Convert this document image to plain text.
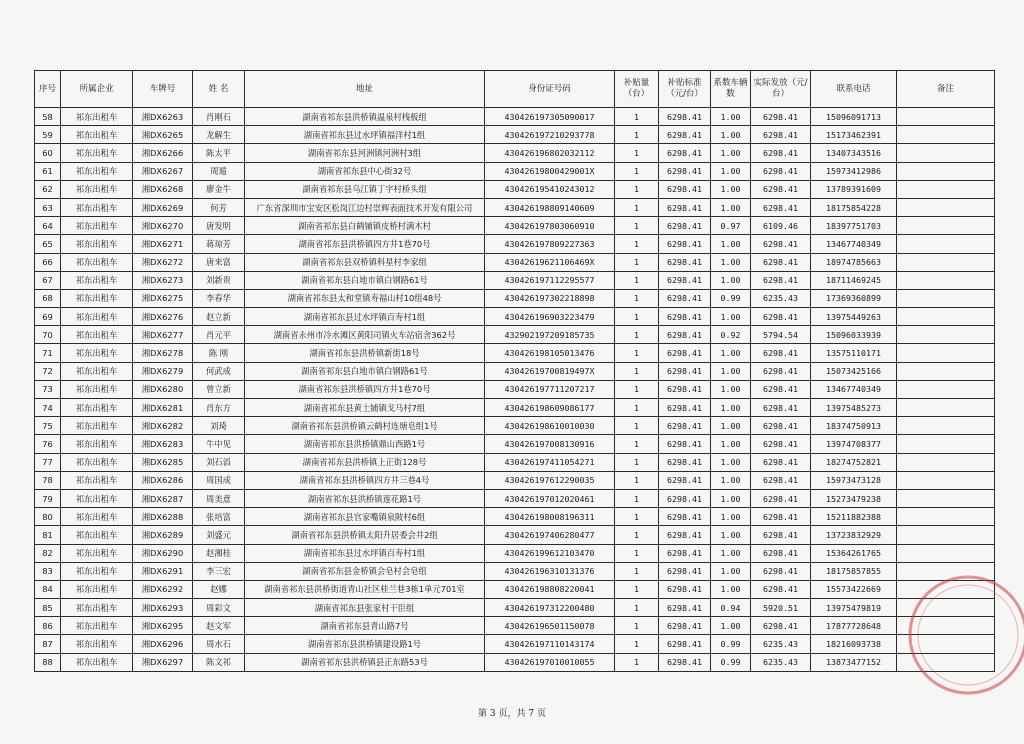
序号	所属企业	车牌号	姓 名	地址	身份证号码	补贴量（台）	补贴标准（元/台）	系数车辆数	实际发放（元/台）	联系电话	备注
58	祁东出租车	湘DX6263	肖刚石	湖南省祁东县洪桥镇温泉村栈板组	430426197305090017	1	6298.41	1.00	6298.41	15096091713	
59	祁东出租车	湘DX6265	龙解生	湖南省祁东县过水坪镇福洋村1组	430426197210293778	1	6298.41	1.00	6298.41	15173462391	
60	祁东出租车	湘DX6266	陈太平	湖南省祁东县河洲镇河洲村3组	430426196802032112	1	6298.41	1.00	6298.41	13407343516	
61	祁东出租车	湘DX6267	周遁	湖南省祁东县中心街32号	43042619800429001X	1	6298.41	1.00	6298.41	15973412986	
62	祁东出租车	湘DX6268	廖金牛	湖南省祁东县乌江镇丁字村桥头组	430426195410243012	1	6298.41	1.00	6298.41	13789391609	
63	祁东出租车	湘DX6269	何芳	广东省深圳市宝安区松岗江边村崇辉表面技术开发有限公司	430426198809140609	1	6298.41	1.00	6298.41	18175854228	
64	祁东出租车	湘DX6270	唐发明	湖南省祁东县白鹤铺镇皮桥村满木村	430426197803060910	1	6298.41	0.97	6109.46	18397751703	
65	祁东出租车	湘DX6271	蒋琼芳	湖南省祁东县洪桥镇四方井1巷70号	430426197809227363	1	6298.41	1.00	6298.41	13467740349	
66	祁东出租车	湘DX6272	唐来富	湖南省祁东县双桥镇科星村李家组	43042619621106469X	1	6298.41	1.00	6298.41	18974785663	
67	祁东出租车	湘DX6273	刘新贵	湖南省祁东县白地市镇白钢路61号	430426197112295577	1	6298.41	1.00	6298.41	18711469245	
68	祁东出租车	湘DX6275	李春华	湖南省祁东县太和堂镇寿福山村10组48号	430426197302218898	1	6298.41	0.99	6235.43	17369360899	
69	祁东出租车	湘DX6276	赵立新	湖南省祁东县过水坪镇百寿村1组	430426196903223479	1	6298.41	1.00	6298.41	13975449263	
70	祁东出租车	湘DX6277	肖元平	湖南省永州市冷水滩区黄阳司镇火车站宿舍362号	432902197209185735	1	6298.41	0.92	5794.54	15096033939	
71	祁东出租车	湘DX6278	陈 刚	湖南省祁东县洪桥镇新街18号	430426198105013476	1	6298.41	1.00	6298.41	13575110171	
72	祁东出租车	湘DX6279	何武成	湖南省祁东县白地市镇白钢路61号	43042619700819497X	1	6298.41	1.00	6298.41	15073425166	
73	祁东出租车	湘DX6280	曾立新	湖南省祁东县洪桥镇四方井1巷70号	430426197711207217	1	6298.41	1.00	6298.41	13467740349	
74	祁东出租车	湘DX6281	肖东方	湖南省祁东县黄土铺镇戈马村7组	430426198609086177	1	6298.41	1.00	6298.41	13975485273	
75	祁东出租车	湘DX6282	刘琦	湖南省祁东县洪桥镇云鹤村连塘皂组1号	430426198610010030	1	6298.41	1.00	6298.41	18374750913	
76	祁东出租车	湘DX6283	牛中见	湖南省祁东县洪桥镇鼎山西路1号	430426197008130916	1	6298.41	1.00	6298.41	13974708377	
77	祁东出租车	湘DX6285	刘石滔	湖南省祁东县洪桥镇上正街128号	430426197411054271	1	6298.41	1.00	6298.41	18274752821	
78	祁东出租车	湘DX6286	周国成	湖南省祁东县洪桥镇四方井三巷4号	430426197612290035	1	6298.41	1.00	6298.41	15973473128	
79	祁东出租车	湘DX6287	周美意	湖南省祁东县洪桥镇莲花路1号	430426197012020461	1	6298.41	1.00	6298.41	15273479238	
80	祁东出租车	湘DX6288	张培富	湖南省祁东县官家嘴镇泉陂村6组	430426198008196311	1	6298.41	1.00	6298.41	15211882388	
81	祁东出租车	湘DX6289	刘盛元	湖南省祁东县洪桥镇太阳升居委会井2组	430426197406280477	1	6298.41	1.00	6298.41	13723832929	
82	祁东出租车	湘DX6290	赵湘桂	湖南省祁东县过水坪镇百寿村1组	430426199612103470	1	6298.41	1.00	6298.41	15364261765	
83	祁东出租车	湘DX6291	李三宏	湖南省祁东县金桥镇会皂村会皂组	430426196310131376	1	6298.41	1.00	6298.41	18175857855	
84	祁东出租车	湘DX6292	赵娜	湖南省祁东县洪桥街道青山社区桂兰巷3栋1单元701室	430426198808220041	1	6298.41	1.00	6298.41	15573422669	
85	祁东出租车	湘DX6293	周彩文	湖南省祁东县张家村干臣组	430426197312200480	1	6298.41	0.94	5920.51	13975479819	
86	祁东出租车	湘DX6295	赵文军	湖南省祁东县青山路7号	430426196501150078	1	6298.41	1.00	6298.41	17877728648	
87	祁东出租车	湘DX6296	周水石	湖南省祁东县洪桥镇建设路1号	430426197110143174	1	6298.41	0.99	6235.43	18216093738	
88	祁东出租车	湘DX6297	陈文祁	湖南省祁东县洪桥镇县正东路53号	430426197010010055	1	6298.41	0.99	6235.43	13873477152	
第 3 页，共 7 页
